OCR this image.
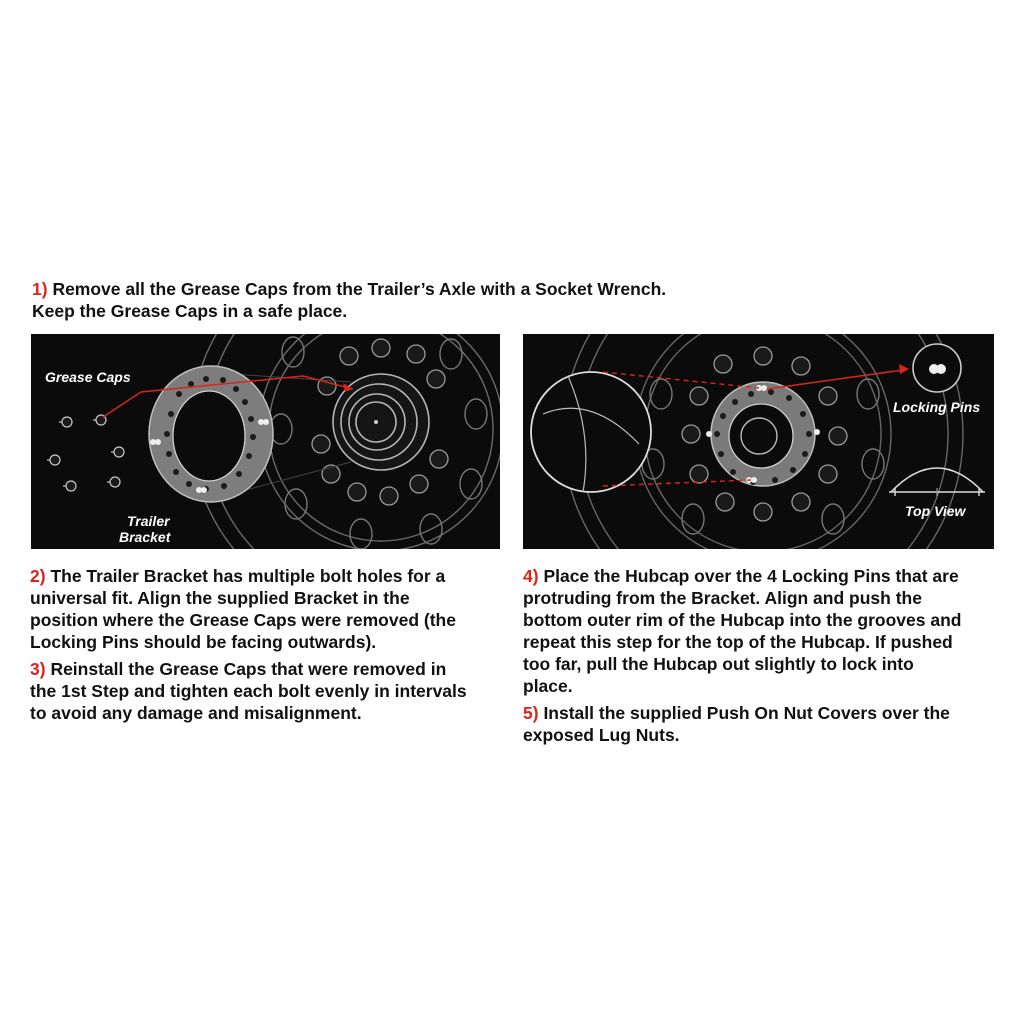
1) Remove all the Grease Caps from the Trailer’s Axle with a Socket Wrench.
Keep the Grease Caps in a safe place.
Grease Caps
Trailer
Bracket
Locking Pins
Top View
2) The Trailer Bracket has multiple bolt holes for a
universal fit. Align the supplied Bracket in the
position where the Grease Caps were removed (the
Locking Pins should be facing outwards).
3) Reinstall the Grease Caps that were removed in
the 1st Step and tighten each bolt evenly in intervals
to avoid any damage and misalignment.
4) Place the Hubcap over the 4 Locking Pins that are
protruding from the Bracket. Align and push the
bottom outer rim of the Hubcap into the grooves and
repeat this step for the top of the Hubcap. If pushed
too far, pull the Hubcap out slightly to lock into
place.
5) Install the supplied Push On Nut Covers over the
exposed Lug Nuts.
